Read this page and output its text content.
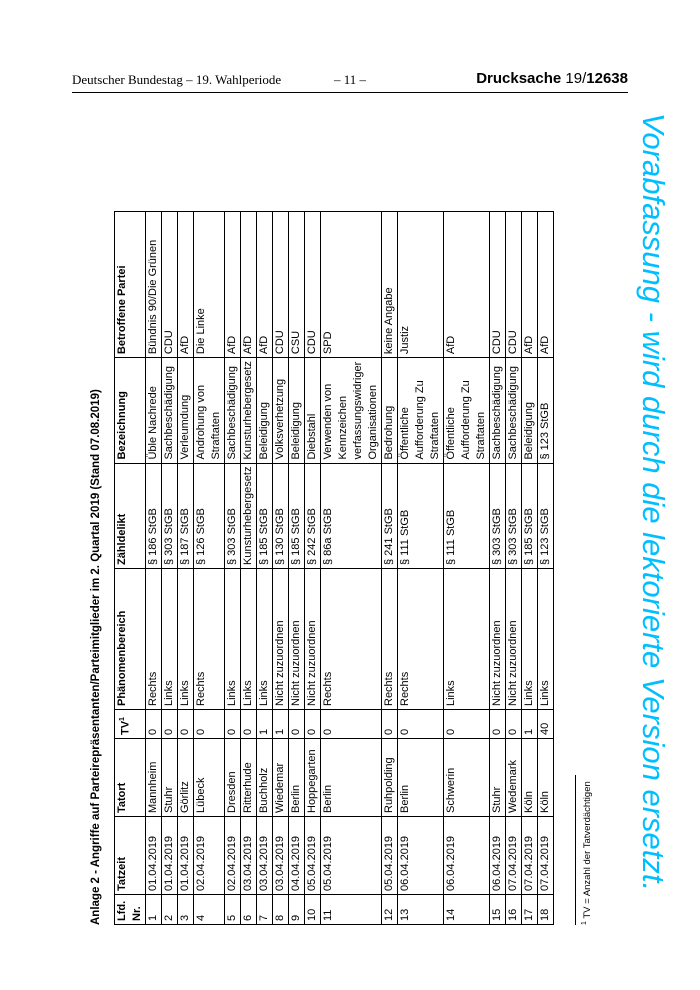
Deutscher Bundestag – 19. Wahlperiode	– 11 –	Drucksache 19/12638
Vorabfassung - wird durch die lektorierte Version ersetzt.
Anlage 2 - Angriffe auf Parteirepräsentanten/Parteimitglieder im 2. Quartal 2019 (Stand 07.08.2019) Lfd. Nr.	Tatzeit	Tatort	$TV^1$	Phänomenbereich	Zähldelikt	Bezeichnung	Betroffene Partei
1	01.04.2019	Mannheim	0	Rechts	§ 186 StGB	Üble Nachrede	Bündnis 90/Die Grünen
2	01.04.2019	Stuhr	0	Links	§ 303 StGB	Sachbeschädigung	CDU
3	01.04.2019	Görlitz	0	Links	§ 187 StGB	Verleumdung	AfD
4	02.04.2019	Lübeck	0	Rechts	§ 126 StGB	Androhung von Straftaten	Die Linke
5	02.04.2019	Dresden	0	Links	§ 303 StGB	Sachbeschädigung	AfD
6	03.04.2019	Ritterhude	0	Links	Kunsturhebergesetz	Kunsturhebergesetz	AfD
7	03.04.2019	Buchholz	1	Links	§ 185 StGB	Beleidigung	AfD
8	03.04.2019	Wiedemar	1	Nicht zuzuordnen	§ 130 StGB	Volksverhetzung	CDU
9	04.04.2019	Berlin	0	Nicht zuzuordnen	§ 185 StGB	Beleidigung	CSU
10	05.04.2019	Hoppegarten	0	Nicht zuzuordnen	§ 242 StGB	Diebstahl	CDU
11	05.04.2019	Berlin	0	Rechts	§ 86a StGB	Verwenden von Kennzeichen verfassungswidriger Organisationen	SPD
12	05.04.2019	Ruhpolding	0	Rechts	§ 241 StGB	Bedrohung	keine Angabe
13	06.04.2019	Berlin	0	Rechts	§ 111 StGB	Öffentliche Aufforderung Zu Straftaten	Justiz
14	06.04.2019	Schwerin	0	Links	§ 111 StGB	Öffentliche Aufforderung Zu Straftaten	AfD
15	06.04.2019	Stuhr	0	Nicht zuzuordnen	§ 303 StGB	Sachbeschädigung	CDU
16	07.04.2019	Wedemark	0	Nicht zuzuordnen	§ 303 StGB	Sachbeschädigung	CDU
17	07.04.2019	Köln	1	Links	§ 185 StGB	Beleidigung	AfD
18	07.04.2019	Köln	40	Links	§ 123 StGB	§ 123 StGB	AfD
$^1$ TV = Anzahl der Tatverdächtigen
